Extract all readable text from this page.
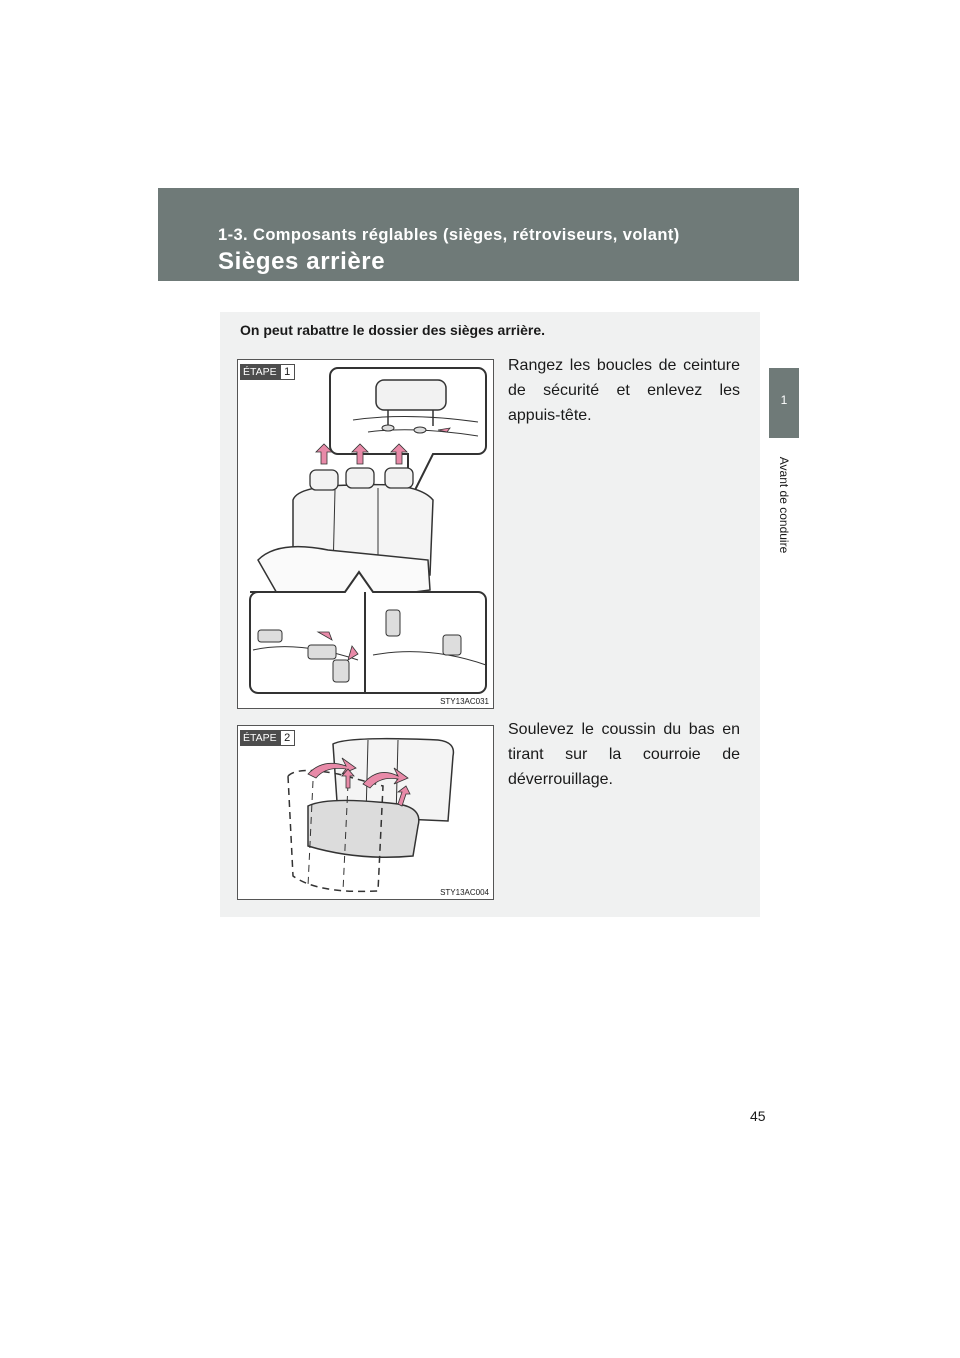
1-3. Composants réglables (sièges, rétroviseurs, volant)
Sièges arrière
1
Avant de conduire
On peut rabattre le dossier des sièges arrière.
ÉTAPE 1
STY13AC031
Rangez les boucles de ceinture de sécurité et enlevez les appuis-tête.
ÉTAPE 2
STY13AC004
Soulevez le coussin du bas en tirant sur la courroie de déverrouillage.
45
